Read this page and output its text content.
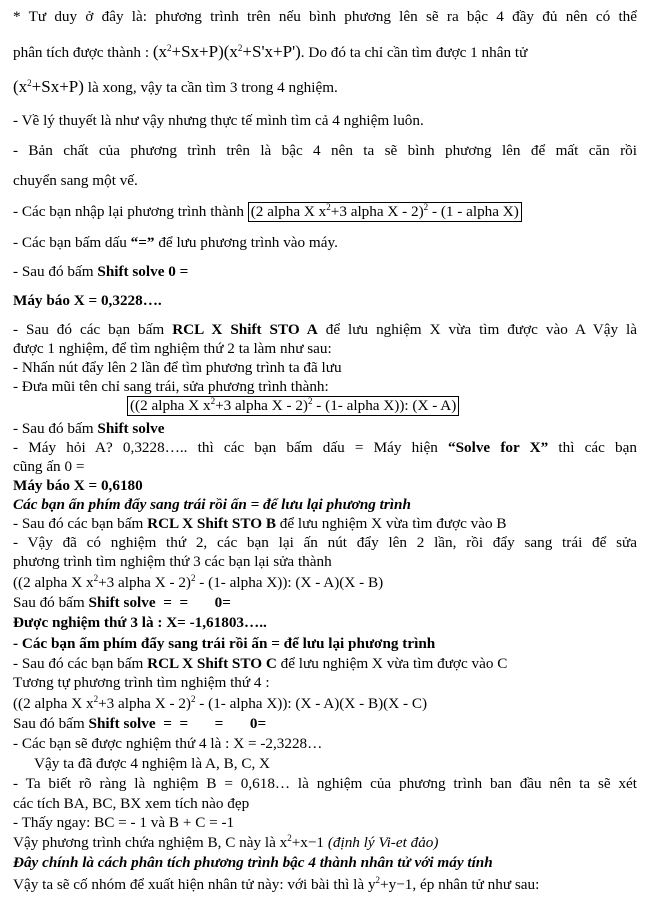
* Tư duy ở đây là: phương trình trên nếu bình phương lên sẽ ra bậc 4 đầy đủ nên có thể
phân tích được thành : $(x^2+Sx+P)(x^2+S'x+P')$. Do đó ta chỉ cần tìm được 1 nhân tử
$(x^2+Sx+P)$ là xong, vậy ta cần tìm 3 trong 4 nghiệm.
- Về lý thuyết là như vậy nhưng thực tế mình tìm cả 4 nghiệm luôn.
- Bản chất của phương trình trên là bậc 4 nên ta sẽ bình phương lên để mất căn rồi
chuyển sang một vế.
- Các bạn nhập lại phương trình thành (2 alpha X $x^2+3$ alpha X - 2)$^2$ - (1 - alpha X)
- Các bạn bấm dấu “=” để lưu phương trình vào máy.
- Sau đó bấm Shift solve 0 =
Máy báo X = 0,3228….
- Sau đó các bạn bấm RCL X Shift STO A để lưu nghiệm X vừa tìm được vào A Vậy là
được 1 nghiệm, để tìm nghiệm thứ 2 ta làm như sau:
- Nhấn nút đẩy lên 2 lần để tìm phương trình ta đã lưu
- Đưa mũi tên chỉ sang trái, sửa phương trình thành:
((2 alpha X $x^2+3$ alpha X - 2)$^2$ - (1- alpha X)): (X - A)
- Sau đó bấm Shift solve
- Máy hỏi A? 0,3228….. thì các bạn bấm dấu = Máy hiện “Solve for X” thì các bạn
cũng ấn 0 =
Máy báo X = 0,6180
Các bạn ấn phím đẩy sang trái rồi ấn = để lưu lại phương trình
- Sau đó các bạn bấm RCL X Shift STO B để lưu nghiệm X vừa tìm được vào B
- Vậy đã có nghiệm thứ 2, các bạn lại ấn nút đẩy lên 2 lần, rồi đẩy sang trái để sửa
phương trình tìm nghiệm thứ 3 các bạn lại sửa thành
((2 alpha X $x^2+3$ alpha X - 2)$^2$ - (1- alpha X)): (X - A)(X - B)
Sau đó bấm Shift solve  =  =       0=
Được nghiệm thứ 3 là : X= -1,61803…..
- Các bạn ấm phím đẩy sang trái rồi ấn = để lưu lại phương trình
- Sau đó các bạn bấm RCL X Shift STO C để lưu nghiệm X vừa tìm được vào C
Tương tự phương trình tìm nghiệm thứ 4 :
((2 alpha X $x^2+3$ alpha X - 2)$^2$ - (1- alpha X)): (X - A)(X - B)(X - C)
Sau đó bấm Shift solve  =  =       =       0=
- Các bạn sẽ được nghiệm thứ 4 là : X = -2,3228…
Vậy ta đã được 4 nghiệm là A, B, C, X
- Ta biết rõ ràng là nghiệm B = 0,618… là nghiệm của phương trình ban đầu nên ta sẽ xét
các tích BA, BC, BX xem tích nào đẹp
- Thấy ngay: BC = - 1 và B + C = -1
Vậy phương trình chứa nghiệm B, C này là $x^2+x-1$ (định lý Vi-et đảo)
Đây chính là cách phân tích phương trình bậc 4 thành nhân tử với máy tính
Vậy ta sẽ cố nhóm để xuất hiện nhân tử này: với bài thì là $y^2+y-1$, ép nhân tử như sau:
